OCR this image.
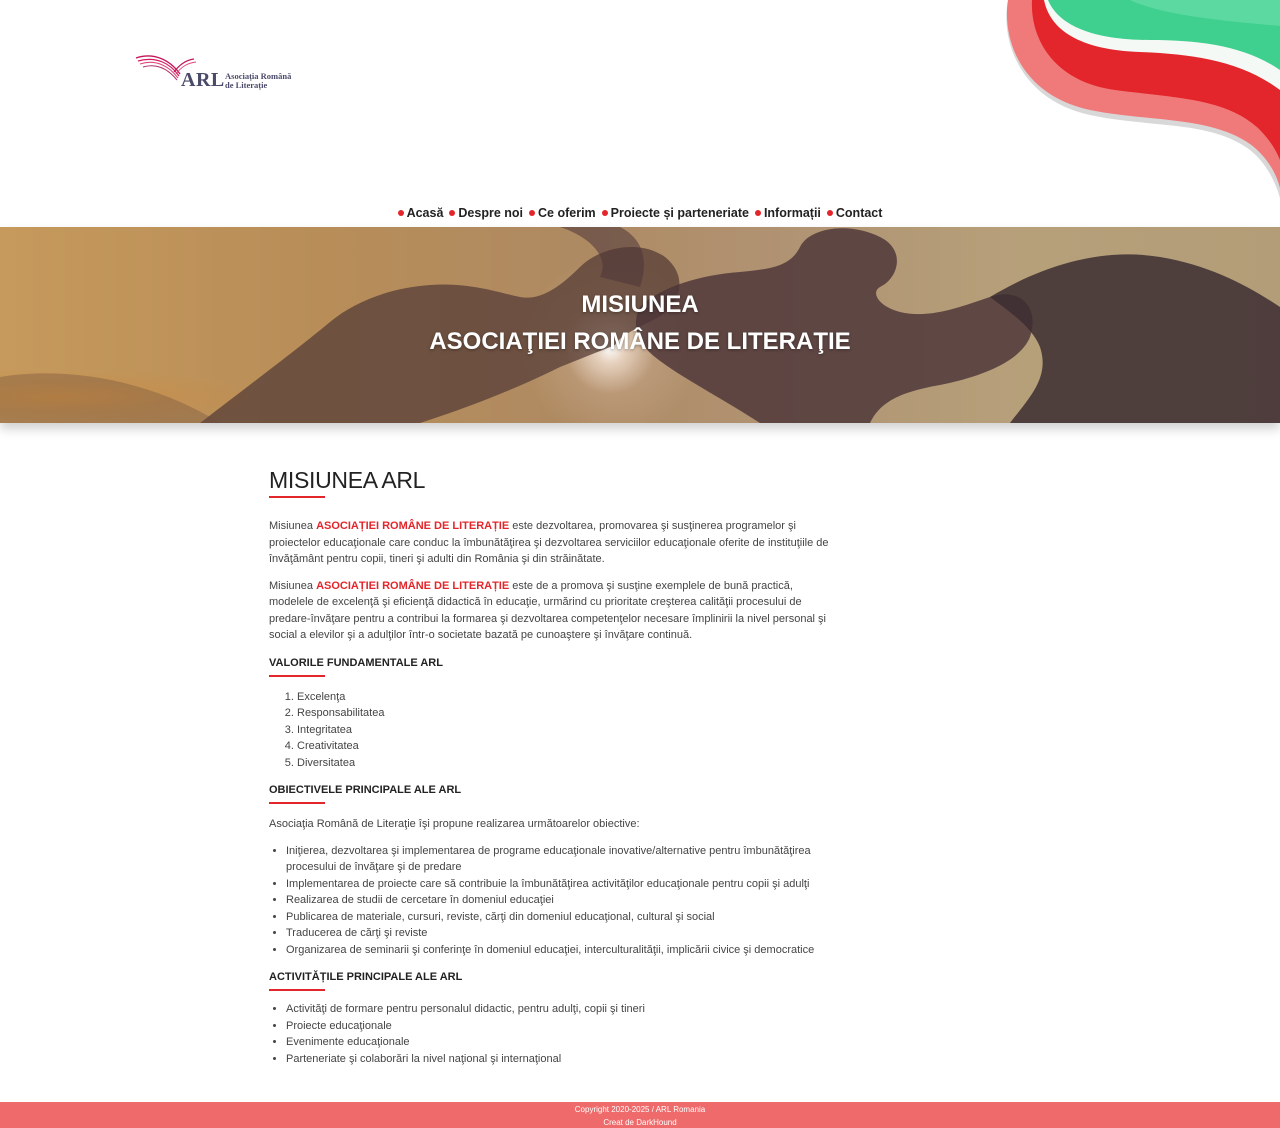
ARL Asociația Română
de Literație
Acasă Despre noi Ce oferim Proiecte și parteneriate Informații Contact
MISIUNEA
ASOCIAŢIEI ROMÂNE DE LITERAŢIE
MISIUNEA ARL

Misiunea ASOCIAȚIEI ROMÂNE DE LITERAȚIE este dezvoltarea, promovarea şi susţinerea programelor şi proiectelor educaţionale care conduc la îmbunătăţirea şi dezvoltarea serviciilor educaţionale oferite de instituţiile de învăţământ pentru copii, tineri şi adulti din România şi din străinătate.

Misiunea ASOCIAȚIEI ROMÂNE DE LITERAȚIE este de a promova şi susţine exemplele de bună practică, modelele de excelenţă şi eficienţă didactică în educaţie, urmărind cu prioritate creşterea calităţii procesului de predare-învăţare pentru a contribui la formarea şi dezvoltarea competenţelor necesare împlinirii la nivel personal şi social a elevilor şi a adulţilor într-o societate bazată pe cunoaştere şi învăţare continuă.

VALORILE FUNDAMENTALE ARL
1. Excelenţa
2. Responsabilitatea
3. Integritatea
4. Creativitatea
5. Diversitatea
OBIECTIVELE PRINCIPALE ALE ARL

Asociaţia Română de Literaţie îşi propune realizarea următoarelor obiective:

• Iniţierea, dezvoltarea şi implementarea de programe educaţionale inovative/alternative pentru îmbunătăţirea procesului de învăţare şi de predare
• Implementarea de proiecte care să contribuie la îmbunătăţirea activităţilor educaţionale pentru copii şi adulţi
• Realizarea de studii de cercetare în domeniul educaţiei
• Publicarea de materiale, cursuri, reviste, cărţi din domeniul educaţional, cultural şi social
• Traducerea de cărţi şi reviste
• Organizarea de seminarii şi conferinţe în domeniul educaţiei, interculturalităţii, implicării civice şi democratice
ACTIVITĂȚILE PRINCIPALE ALE ARL
• Activităţi de formare pentru personalul didactic, pentru adulţi, copii şi tineri
• Proiecte educaţionale
• Evenimente educaţionale
• Parteneriate şi colaborări la nivel naţional şi internaţional
Copyright 2020-2025 / ARL Romania
Creat de DarkHound
